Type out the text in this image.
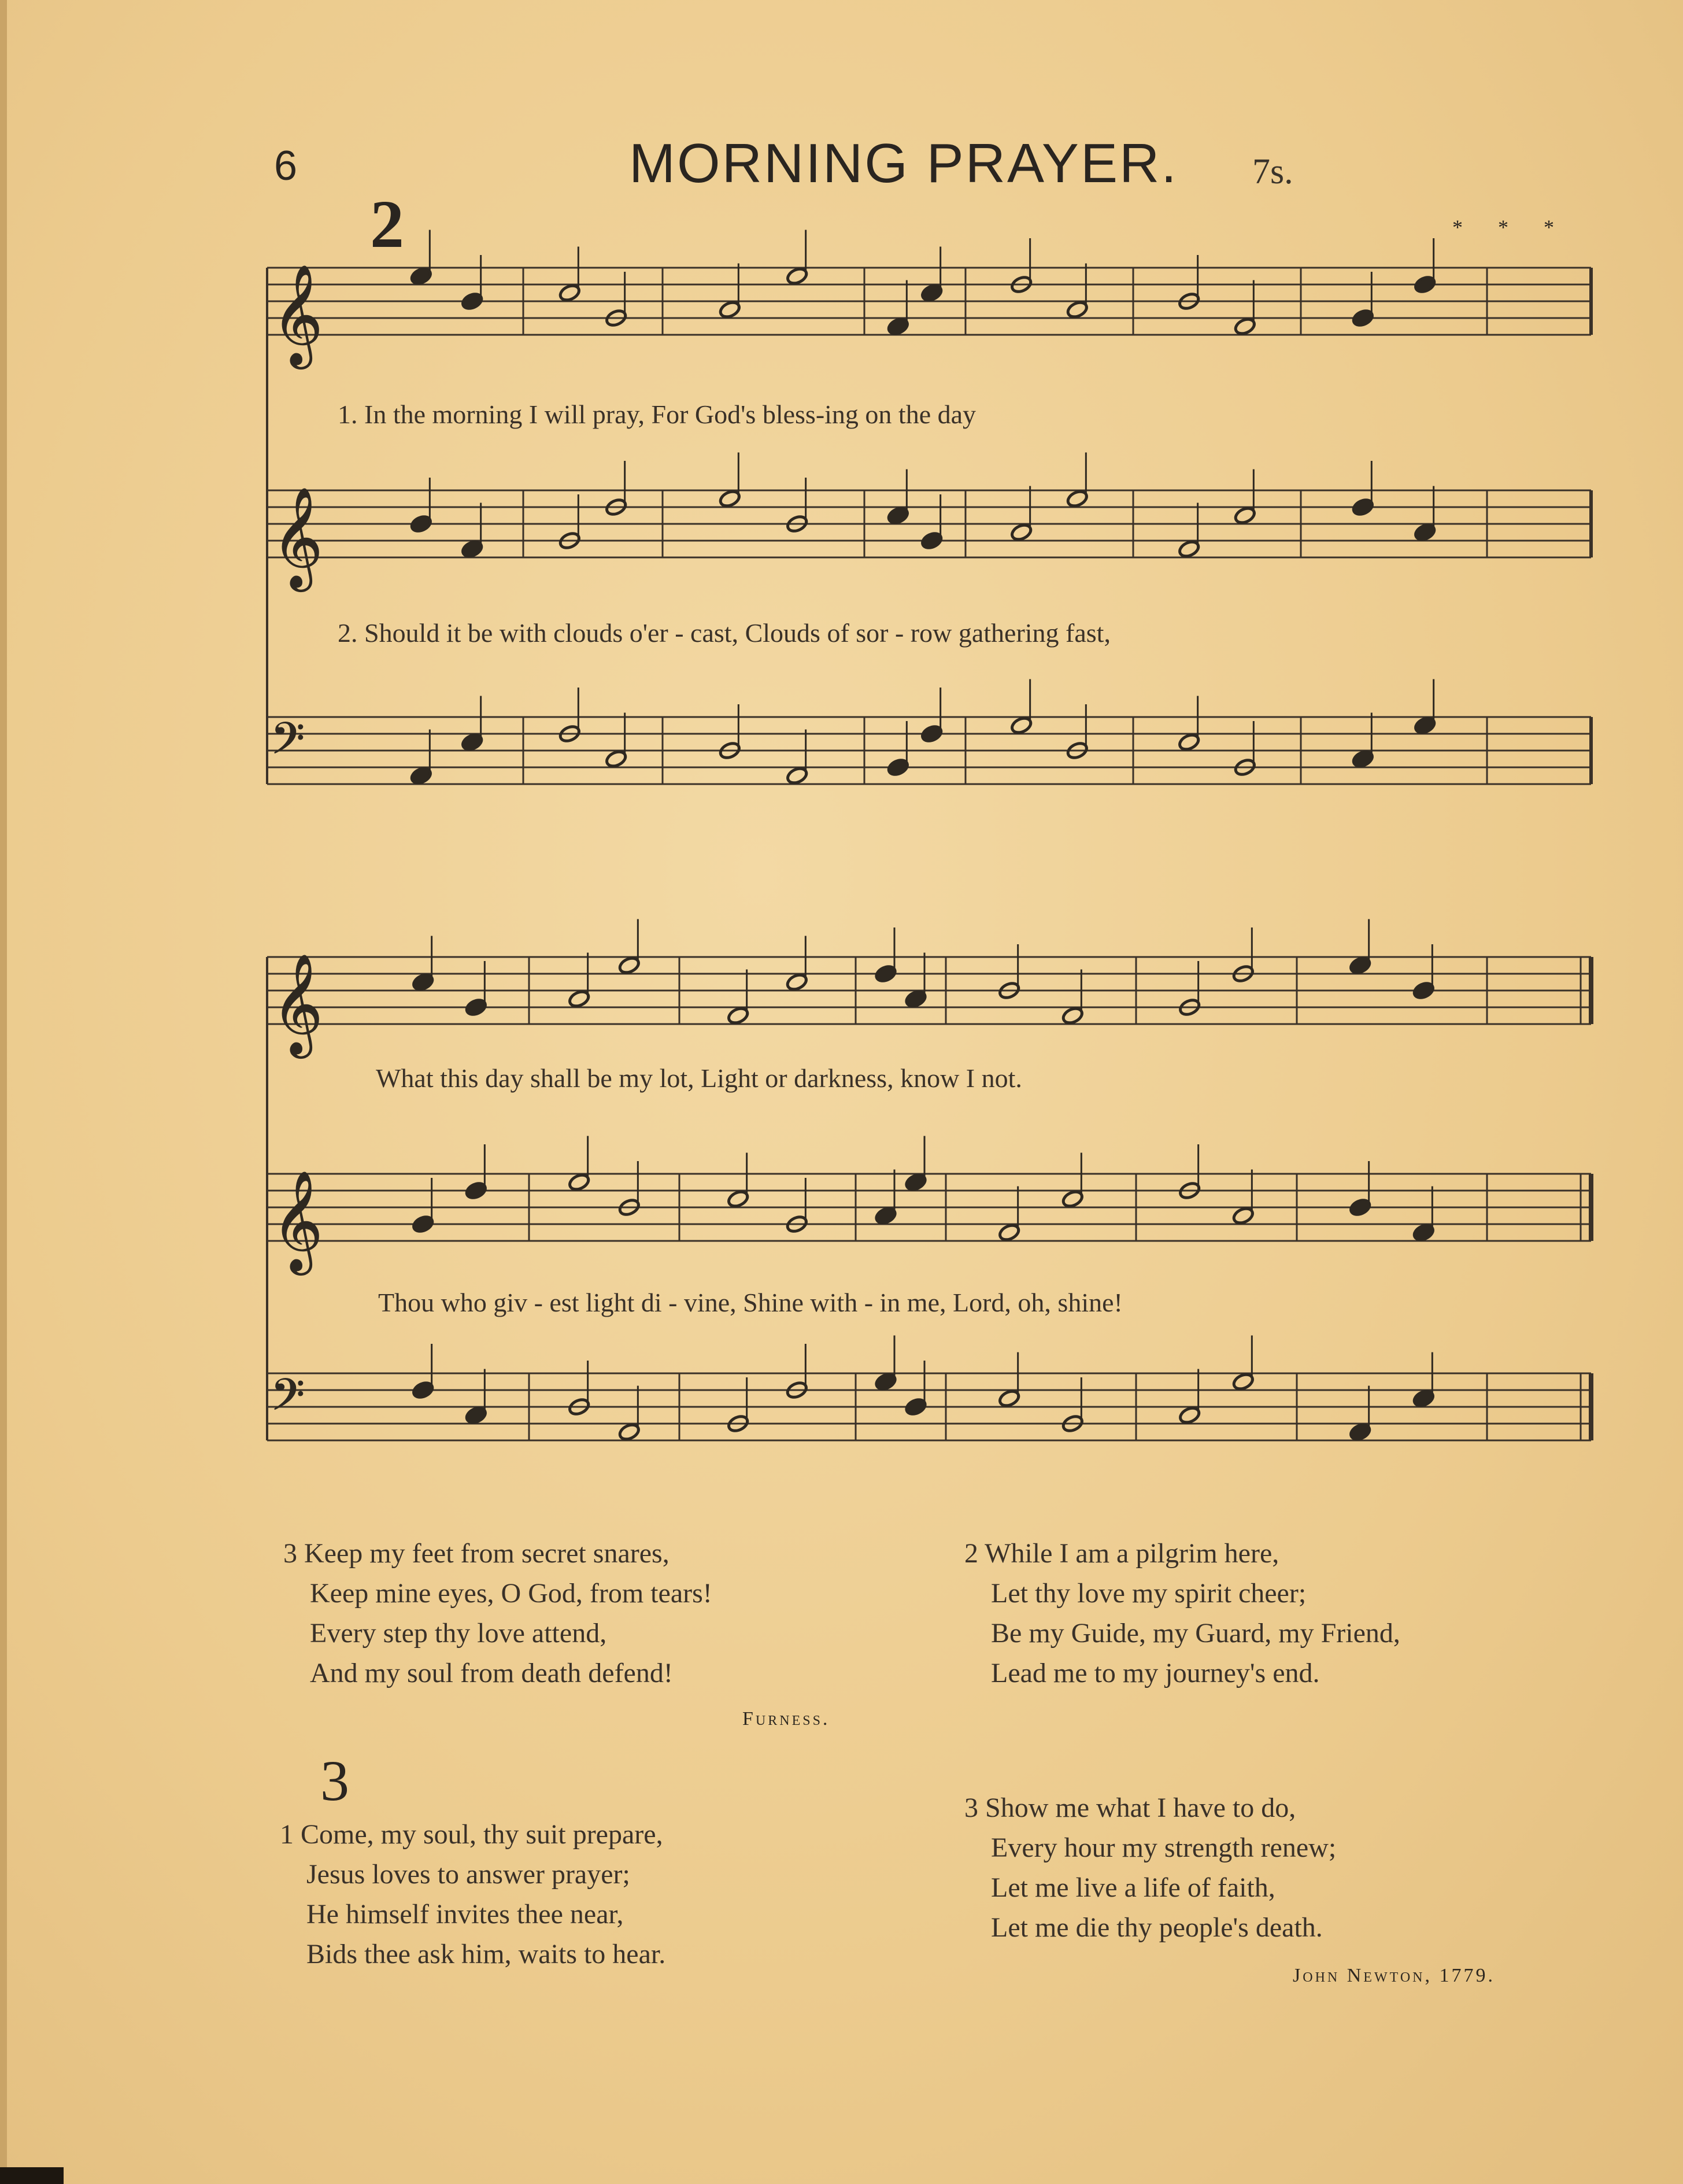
6	MORNING PRAYER. 7s.
2	* * *
𝄞
𝄞
𝄞
𝄞
𝄢
𝄢
1. In the morning I will pray, For God's bless-ing on the day
2. Should it be with clouds o'er - cast, Clouds of sor - row gathering fast,
What this day shall be my lot, Light or darkness, know I not.
Thou who giv - est light di - vine, Shine with - in me, Lord, oh, shine!
3 Keep my feet from secret snares,
Keep mine eyes, O God, from tears!
Every step thy love attend,
And my soul from death defend!
Furness.
2 While I am a pilgrim here,
Let thy love my spirit cheer;
Be my Guide, my Guard, my Friend,
Lead me to my journey's end.
3
1 Come, my soul, thy suit prepare,
Jesus loves to answer prayer;
He himself invites thee near,
Bids thee ask him, waits to hear.
3 Show me what I have to do,
Every hour my strength renew;
Let me live a life of faith,
Let me die thy people's death.
John Newton, 1779.
